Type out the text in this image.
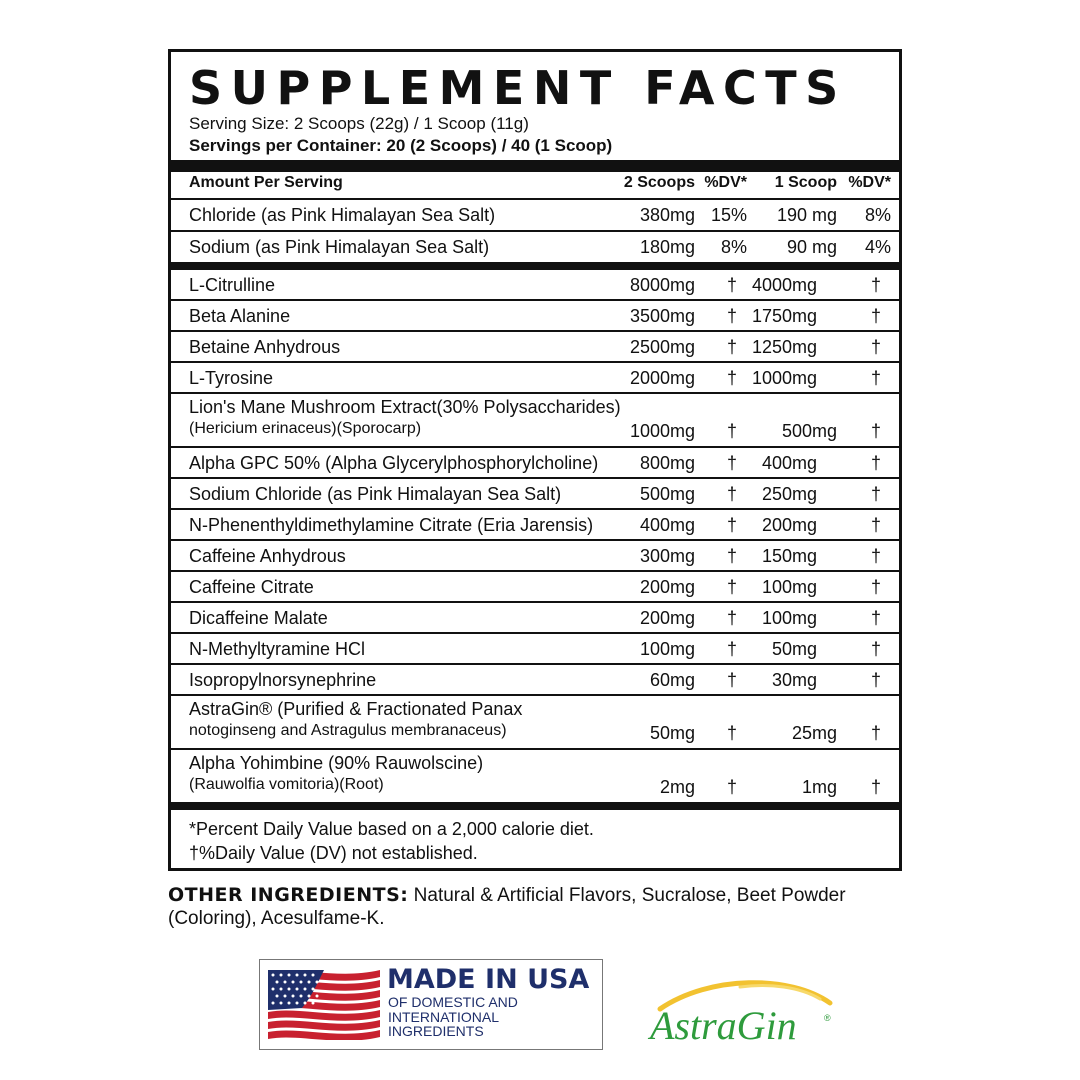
SUPPLEMENT FACTS
Serving Size: 2 Scoops (22g) / 1 Scoop (11g)
Servings per Container: 20 (2 Scoops) / 40 (1 Scoop)
Amount Per Serving	2 Scoops %DV*	1 Scoop %DV*
Chloride (as Pink Himalayan Sea Salt)	380mg 15%	190 mg	8%
Sodium (as Pink Himalayan Sea Salt)	180mg	8%	90 mg	4%
L-Citrulline	8000mg	† 4000mg	†
Beta Alanine	3500mg	† 1750mg	†
Betaine Anhydrous	2500mg	† 1250mg	†
L-Tyrosine	2000mg	† 1000mg	†
Lion's Mane Mushroom Extract(30% Polysaccharides)
(Hericium erinaceus)(Sporocarp)	1000mg	†	500mg	†
Alpha GPC 50% (Alpha Glycerylphosphorylcholine)	800mg	†	400mg	†
Sodium Chloride (as Pink Himalayan Sea Salt)	500mg	†	250mg	†
N-Phenenthyldimethylamine Citrate (Eria Jarensis)	400mg	†	200mg	†
Caffeine Anhydrous	300mg	†	150mg	†
Caffeine Citrate	200mg	†	100mg	†
Dicaffeine Malate	200mg	†	100mg	†
N-Methyltyramine HCl	100mg	†	50mg	†
Isopropylnorsynephrine	60mg	†	30mg	†
AstraGin® (Purified & Fractionated Panax
notoginseng and Astragulus membranaceus)	50mg	†	25mg	†
Alpha Yohimbine (90% Rauwolscine)
(Rauwolfia vomitoria)(Root)	2mg	†	1mg	†
*Percent Daily Value based on a 2,000 calorie diet.
†%Daily Value (DV) not established.
OTHER INGREDIENTS: Natural & Artificial Flavors, Sucralose, Beet Powder (Coloring), Acesulfame-K.
MADE IN USA
OF DOMESTIC AND INTERNATIONAL INGREDIENTS	AstraGin	®
